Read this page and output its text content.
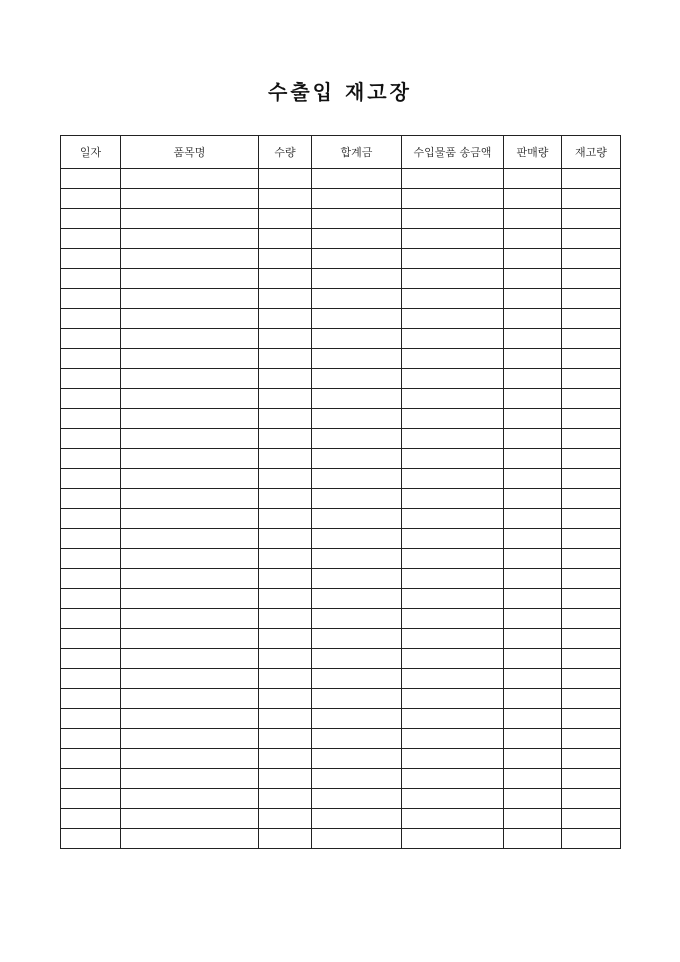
수출입 재고장
일자	품목명	수량	합계금	수입물품 송금액	판매량	재고량
